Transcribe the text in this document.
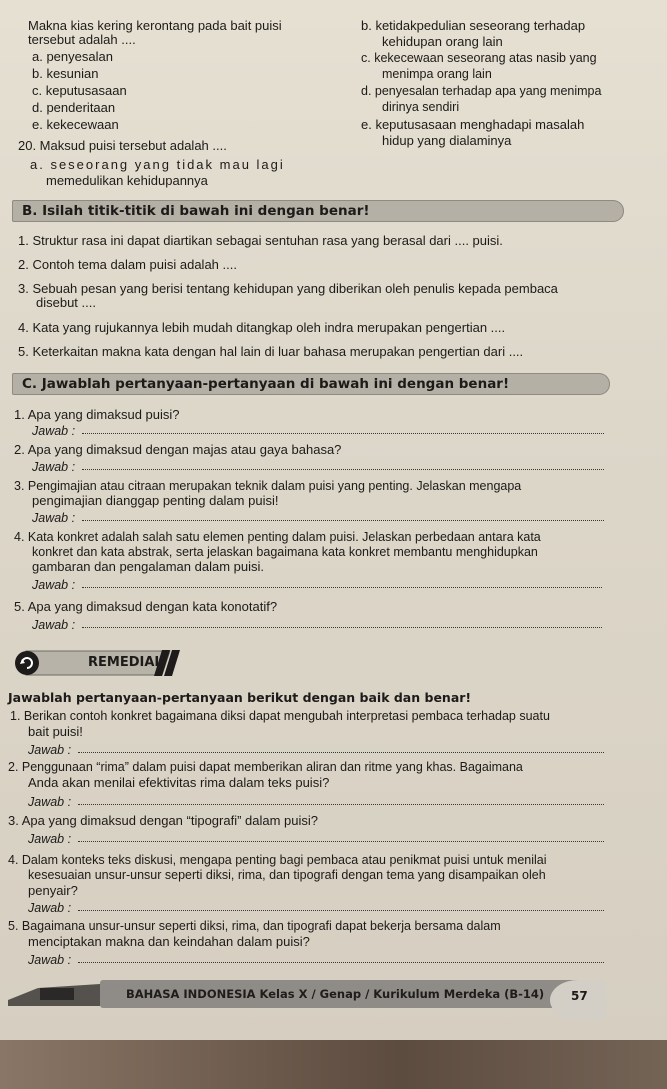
Makna kias kering kerontang pada bait puisi
tersebut adalah ....
a. penyesalan
b. kesunian
c. keputusasaan
d. penderitaan
e. kekecewaan
20. Maksud puisi tersebut adalah ....
a. seseorang yang tidak mau lagi
memedulikan kehidupannya
b. ketidakpedulian seseorang terhadap
kehidupan orang lain
c. kekecewaan seseorang atas nasib yang
menimpa orang lain
d. penyesalan terhadap apa yang menimpa
dirinya sendiri
e. keputusasaan menghadapi masalah
hidup yang dialaminya
B. Isilah titik-titik di bawah ini dengan benar!
1. Struktur rasa ini dapat diartikan sebagai sentuhan rasa yang berasal dari .... puisi.
2. Contoh tema dalam puisi adalah ....
3. Sebuah pesan yang berisi tentang kehidupan yang diberikan oleh penulis kepada pembaca
disebut ....
4. Kata yang rujukannya lebih mudah ditangkap oleh indra merupakan pengertian ....
5. Keterkaitan makna kata dengan hal lain di luar bahasa merupakan pengertian dari ....
C. Jawablah pertanyaan-pertanyaan di bawah ini dengan benar!
1. Apa yang dimaksud puisi?
Jawab :
2. Apa yang dimaksud dengan majas atau gaya bahasa?
Jawab :
3. Pengimajian atau citraan merupakan teknik dalam puisi yang penting. Jelaskan mengapa
pengimajian dianggap penting dalam puisi!
Jawab :
4. Kata konkret adalah salah satu elemen penting dalam puisi. Jelaskan perbedaan antara kata
konkret dan kata abstrak, serta jelaskan bagaimana kata konkret membantu menghidupkan
gambaran dan pengalaman dalam puisi.
Jawab :
5. Apa yang dimaksud dengan kata konotatif?
Jawab :
REMEDIAL
Jawablah pertanyaan-pertanyaan berikut dengan baik dan benar!
1. Berikan contoh konkret bagaimana diksi dapat mengubah interpretasi pembaca terhadap suatu
bait puisi!
Jawab :
2. Penggunaan “rima” dalam puisi dapat memberikan aliran dan ritme yang khas. Bagaimana
Anda akan menilai efektivitas rima dalam teks puisi?
Jawab :
3. Apa yang dimaksud dengan “tipografi” dalam puisi?
Jawab :
4. Dalam konteks teks diskusi, mengapa penting bagi pembaca atau penikmat puisi untuk menilai
kesesuaian unsur-unsur seperti diksi, rima, dan tipografi dengan tema yang disampaikan oleh
penyair?
Jawab :
5. Bagaimana unsur-unsur seperti diksi, rima, dan tipografi dapat bekerja bersama dalam
menciptakan makna dan keindahan dalam puisi?
Jawab :
BAHASA INDONESIA Kelas X / Genap / Kurikulum Merdeka (B-14) 57
